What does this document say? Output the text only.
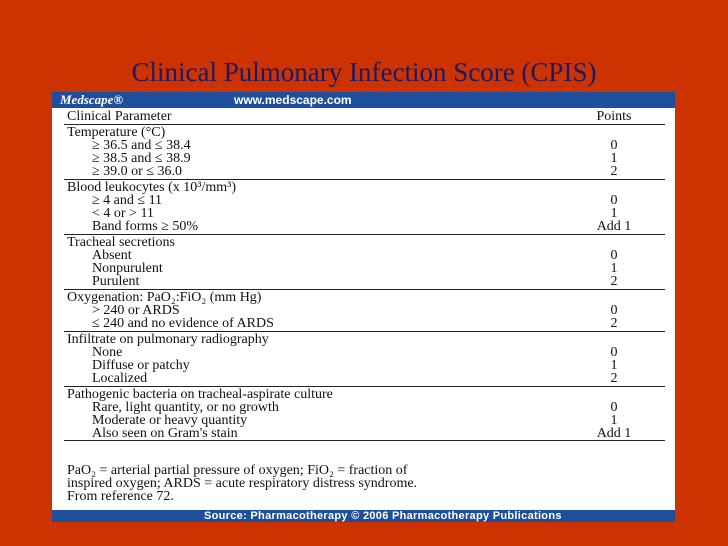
Clinical Pulmonary Infection Score (CPIS)
Medscape®	www.medscape.com
Clinical Parameter	Points
Temperature (°C)
≥ 36.5 and ≤ 38.4	0
≥ 38.5 and ≤ 38.9	1
≥ 39.0 or ≤ 36.0	2
Blood leukocytes (x 10³/mm³)
≥ 4 and ≤ 11	0
< 4 or > 11	1
Band forms ≥ 50%	Add 1
Tracheal secretions
Absent	0
Nonpurulent	1
Purulent	2
Oxygenation: PaO₂:FiO₂ (mm Hg)
> 240 or ARDS	0
≤ 240 and no evidence of ARDS	2
Infiltrate on pulmonary radiography
None	0
Diffuse or patchy	1
Localized	2
Pathogenic bacteria on tracheal-aspirate culture
Rare, light quantity, or no growth	0
Moderate or heavy quantity	1
Also seen on Gram's stain	Add 1
PaO₂ = arterial partial pressure of oxygen; FiO₂ = fraction of
inspired oxygen; ARDS = acute respiratory distress syndrome.
From reference 72.
Source: Pharmacotherapy © 2006 Pharmacotherapy Publications
